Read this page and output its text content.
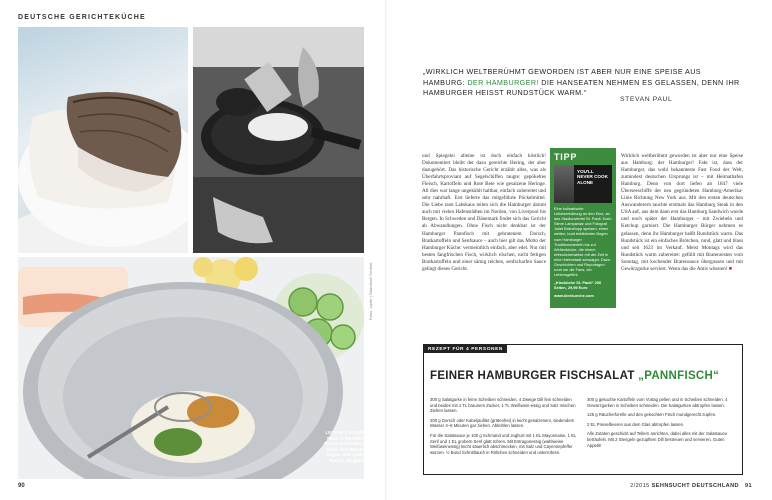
DEUTSCHE GERICHTEKÜCHE
LECKER, LECKER
Fisch in die heiße Pfanne schmeißen. Dann dem Rezept folgen. Sehr guter Dorsch übrigens
Fotos: Jupiter | Gastrobuch Schöbel
90
„WIRKLICH WELTBERÜHMT GEWORDEN IST ABER NUR EINE SPEISE AUS HAMBURG: DER HAMBURGER! DIE HANSEATEN NEHMEN ES GELASSEN, DENN IHR HAMBURGER HEISST RUNDSTÜCK WARM.“
STEVAN PAUL
und Spiegelei alleine ist doch einfach köstlich! Dokumentiert bleibt der dazu gereichte Hering, der aber dazugehört. Das historische Gericht erzählt alles, was als Überfahrtsproviant auf Segelschiffen taugte: gepökeltes Fleisch, Kartoffeln und Rote Bete wie gesalzene Heringe. All dies war lange ungekühlt haltbar, einfach zubereitet und sehr nahrhaft. Erst lieferte das mitgeführte Pöckelmittel. Die Liebe zum Labskaus teilen sich die Hamburger darum auch mit vielen Hafenstädten im Norden, von Liverpool bis Bergen. In Schweden und Dänemark findet sich das Gericht ab Abwandlungen. Ohne Fisch nicht denkbar ist der Hamburger Pannfisch mit gebratenem Dorsch, Bratkartoffeln und Senfsauce – auch hier gilt das Motto der Hamburger Küche: vermeintlich einfach, aber edel. Nur mit besten fangfrischen Fisch, wirklich röschen, nicht fettigen Bratkartoffeln und einer sämig reichen, senfscharfen Sauce gelingt dieses Gericht.
TIPP
YOU'LL NEVER COOK ALONE
Eine kulinarische Liebeserklärung an den Kiez, an das Stadionviertel St. Pauli. Koch Steve Lampardar und Fotograf Juliet Bränetopp speisen, einen weiten, bunt bebilderten Bogen vom Hamburger Traditionsvierteln bis zur Weltenküche, die einem erfreulicherweise mit der Zeit in eine Hafenstadt schwappt. Dazu Geschichten und Reportagen rund um die Fans, ein Lebensgefühl.
„Kiezküche St. Pauli“ 200 Seiten, 29,99 Euro
www.kiezkueche.com
Wirklich weltberühmt geworden ist aber nur eine Speise aus Hamburg: der Hamburger! Fakt ist, dass der Hamburger, das wohl bekannteste Fast Food der Welt, zumindest deutschen Ursprungs ist – mit Heimathafen Hamburg. Denn von dort liefen ab 1847 viele Überseeschiffe der neu gegründeten Hamburg-Amerika-Linie Richtung New York aus. Mit den ersten deutschen Auswanderern tauchte erstmals das Hamburg Steak in den USA auf, aus dem dann erst das Hamburg Sandwich wurde und noch später der Hamburger – mit Zwiebeln und Ketchup garniert. Die Hamburger Bürger nehmen es gelassen, denn ihr Hamburger heißt Rundstück warm. Das Rundstück ist ein einfaches Brötchen, rund, glatt und blass und seit 1623 im Verkauf. Meist Montags wird das Rundstück warm zubereitet: gefüllt mit Bratenresten vom Sonntag, mit kochender Bratensauce übergossen und mit Gewürzgurke serviert. Wenn das die Amis wüssten! ■
REZEPT FÜR 4 PERSONEN
FEINER HAMBURGER FISCHSALAT „PANNFISCH“

300 g Salatgurke in feine Scheiben schneiden, 4 Zweige Dill fein schneiden und beides mit 1 TL braunem Zucker, 1 TL Weißwein-essig und Salz mischen. Ziehen lassen.

200 g Dorsch oder Kabeljaufilet (grätenfrei) in leicht gesalzenem, siedendem Wasser 4–6 Minuten gar ziehen. Abkühlen lassen.

Für die Salatsauce je 100 g Schmand und Joghurt mit 1 EL Mayonnaise, 1 EL Senf und 1 EL grobem Senf glatt rühren. Mit Estragonessig (wahlweise Weißweinessig) leicht säuerlich abschmecken, mit Salz und Cayennepfeffer würzen. ½ Bund Schnittlauch in Röllchen schneiden und unterrühren.

300 g gekochte Kartoffeln vom Vortag pellen und in Scheiben schneiden. 4 Gewürzgurken in Scheiben schneiden. Die Salatgurken abtropfen lassen.

125 g Räucherforelle und den gekochten Fisch mundgerecht zupfen.

2 EL Preiselbeeren aus dem Glas abtropfen lassen.

Alle Zutaten geschickt auf Tellern anrichten, dabei alles mit der Salatsauce beträufeln. Mit 2 Stengeln gezupftem Dill bestreuen und servieren. Guten Appetit!

2/2015 SEHNSUCHT DEUTSCHLAND 91
